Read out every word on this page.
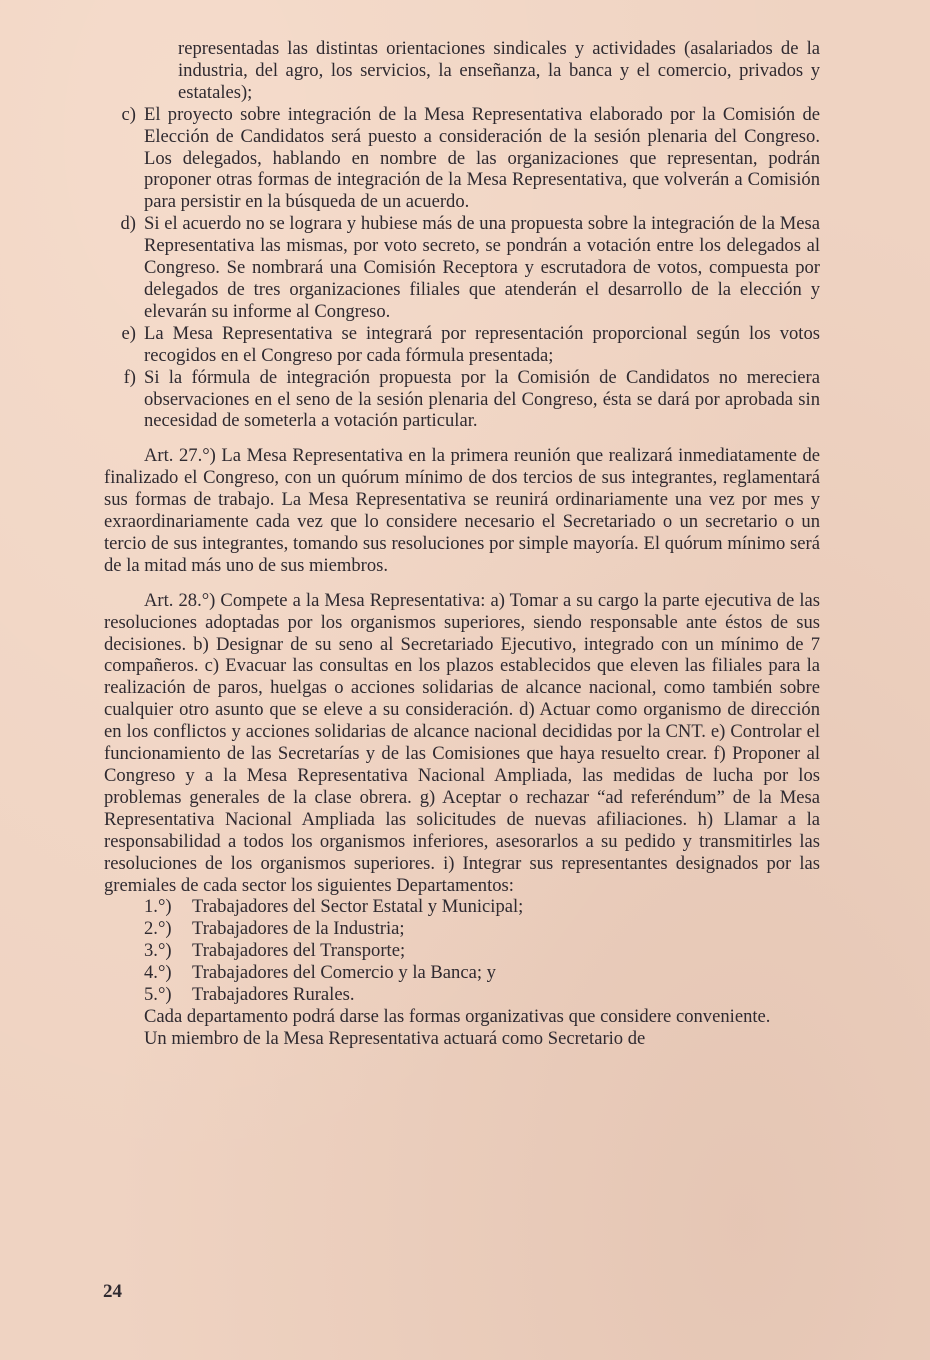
representadas las distintas orientaciones sindicales y actividades (asalariados de la industria, del agro, los servicios, la enseñanza, la banca y el comercio, privados y estatales);
c) El proyecto sobre integración de la Mesa Representativa elaborado por la Comisión de Elección de Candidatos será puesto a consideración de la sesión plenaria del Congreso. Los delegados, hablando en nombre de las organizaciones que representan, podrán proponer otras formas de integración de la Mesa Representativa, que volverán a Comisión para persistir en la búsqueda de un acuerdo.
d) Si el acuerdo no se lograra y hubiese más de una propuesta sobre la integración de la Mesa Representativa las mismas, por voto secreto, se pondrán a votación entre los delegados al Congreso. Se nombrará una Comisión Receptora y escrutadora de votos, compuesta por delegados de tres organizaciones filiales que atenderán el desarrollo de la elección y elevarán su informe al Congreso.
e) La Mesa Representativa se integrará por representación proporcional según los votos recogidos en el Congreso por cada fórmula presentada;
f) Si la fórmula de integración propuesta por la Comisión de Candidatos no mereciera observaciones en el seno de la sesión plenaria del Congreso, ésta se dará por aprobada sin necesidad de someterla a votación particular.
Art. 27.°) La Mesa Representativa en la primera reunión que realizará inmediatamente de finalizado el Congreso, con un quórum mínimo de dos tercios de sus integrantes, reglamentará sus formas de trabajo. La Mesa Representativa se reunirá ordinariamente una vez por mes y exraordinariamente cada vez que lo considere necesario el Secretariado o un secretario o un tercio de sus integrantes, tomando sus resoluciones por simple mayoría. El quórum mínimo será de la mitad más uno de sus miembros.
Art. 28.°) Compete a la Mesa Representativa: a) Tomar a su cargo la parte ejecutiva de las resoluciones adoptadas por los organismos superiores, siendo responsable ante éstos de sus decisiones. b) Designar de su seno al Secretariado Ejecutivo, integrado con un mínimo de 7 compañeros. c) Evacuar las consultas en los plazos establecidos que eleven las filiales para la realización de paros, huelgas o acciones solidarias de alcance nacional, como también sobre cualquier otro asunto que se eleve a su consideración. d) Actuar como organismo de dirección en los conflictos y acciones solidarias de alcance nacional decididas por la CNT. e) Controlar el funcionamiento de las Secretarías y de las Comisiones que haya resuelto crear. f) Proponer al Congreso y a la Mesa Representativa Nacional Ampliada, las medidas de lucha por los problemas generales de la clase obrera. g) Aceptar o rechazar “ad referéndum” de la Mesa Representativa Nacional Ampliada las solicitudes de nuevas afiliaciones. h) Llamar a la responsabilidad a todos los organismos inferiores, asesorarlos a su pedido y transmitirles las resoluciones de los organismos superiores. i) Integrar sus representantes designados por las gremiales de cada sector los siguientes Departamentos:
1.°)	Trabajadores del Sector Estatal y Municipal;
2.°)	Trabajadores de la Industria;
3.°)	Trabajadores del Transporte;
4.°)	Trabajadores del Comercio y la Banca; y
5.°)	Trabajadores Rurales.
Cada departamento podrá darse las formas organizativas que considere conveniente.
Un miembro de la Mesa Representativa actuará como Secretario de
24
